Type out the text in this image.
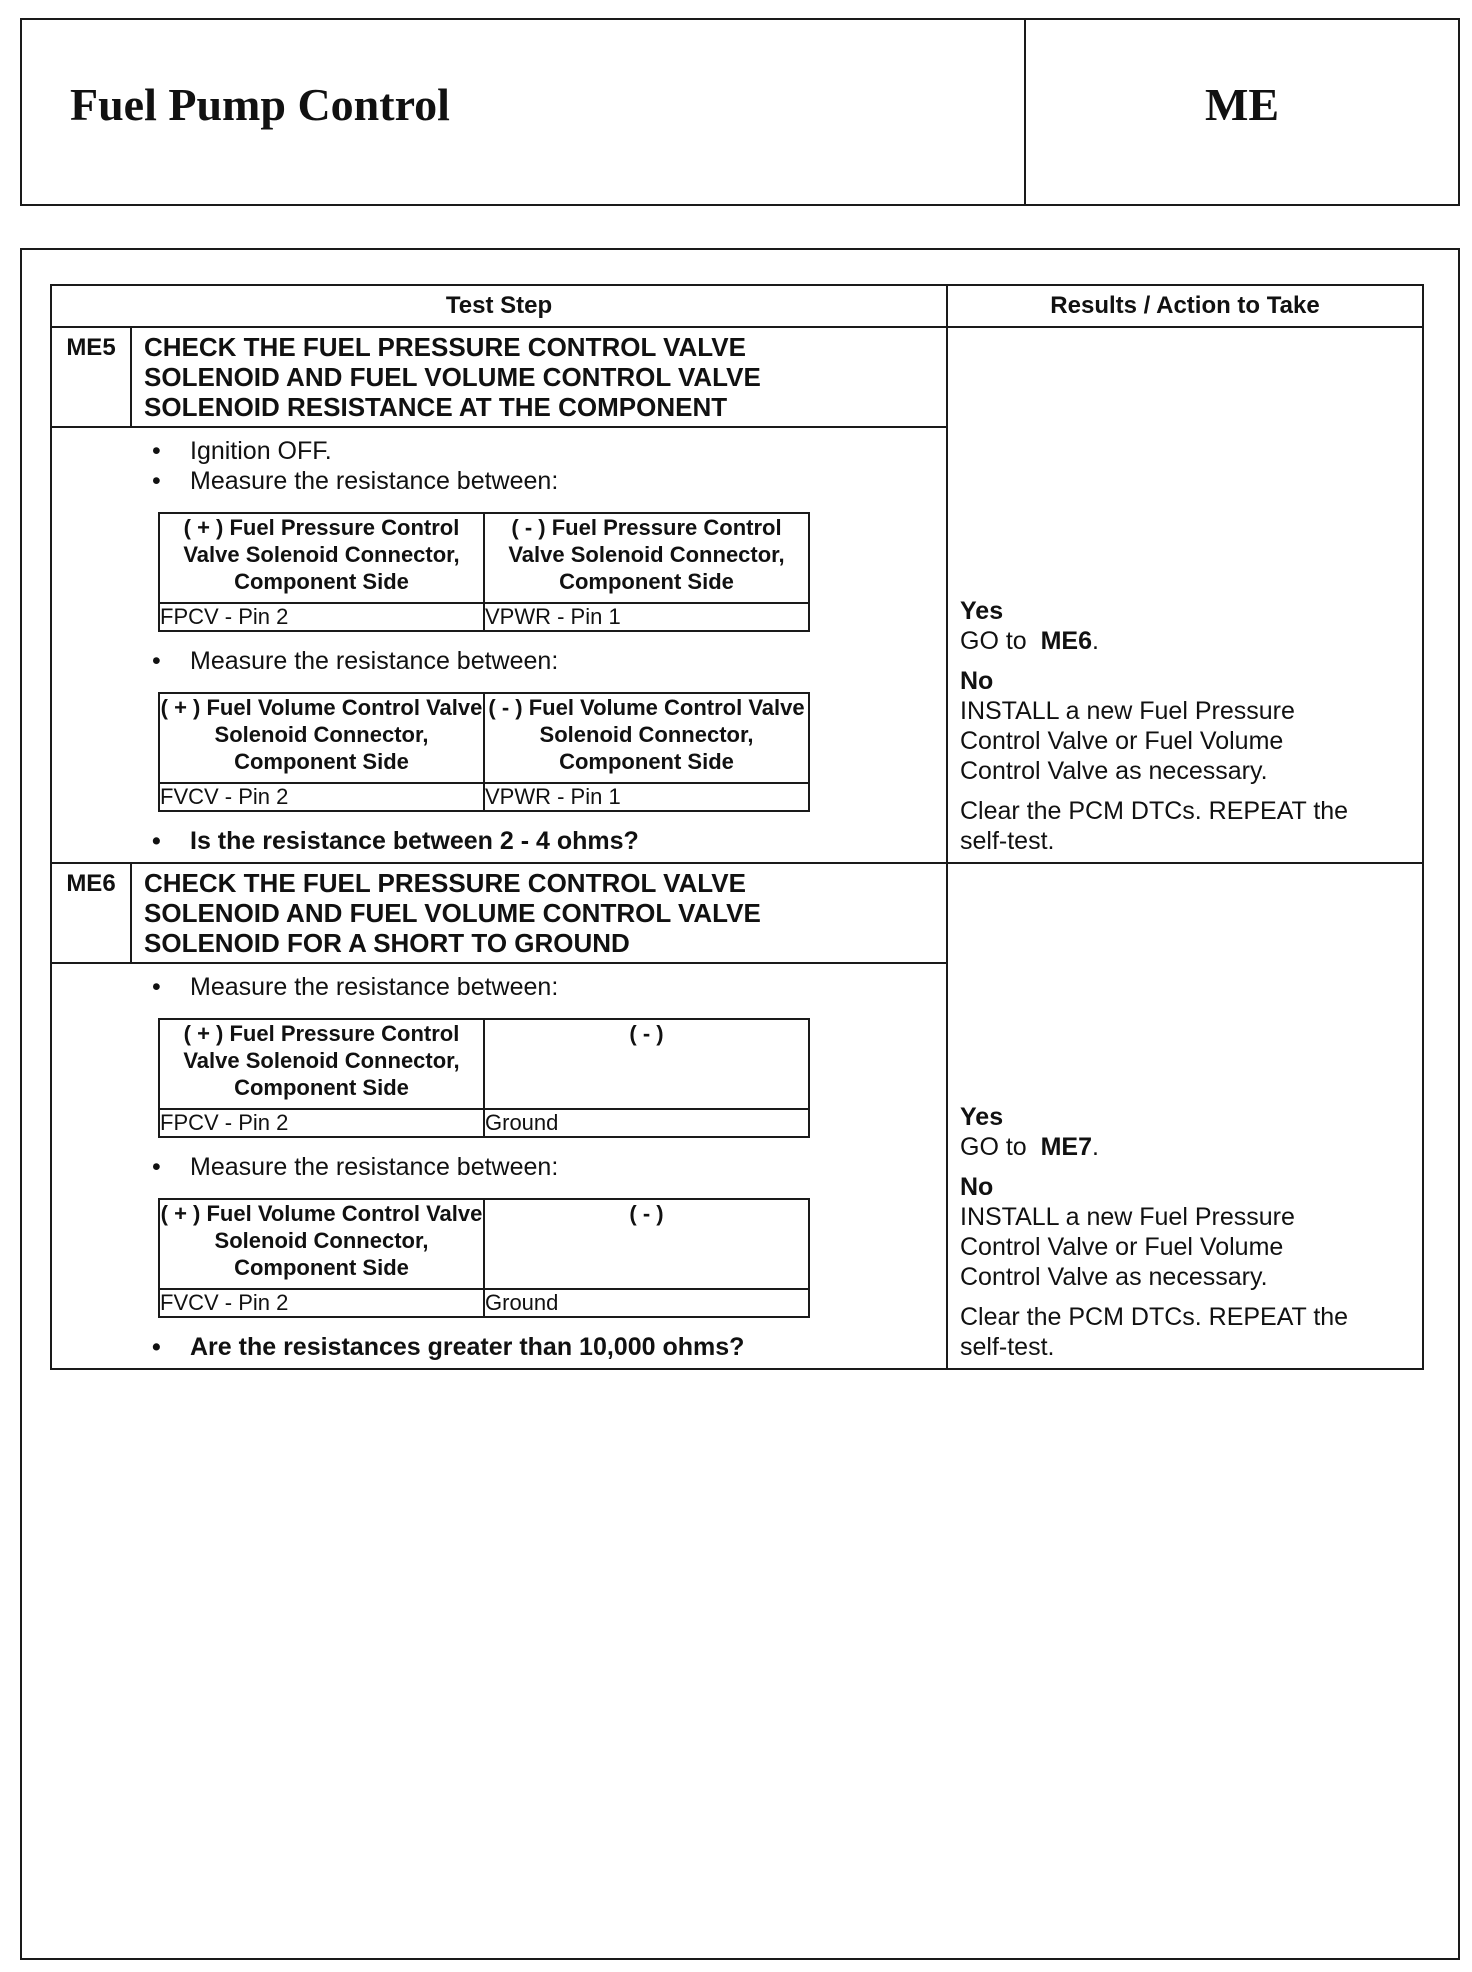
Fuel Pump Control	ME
Test Step	Results / Action to Take
ME5	CHECK THE FUEL PRESSURE CONTROL VALVE
SOLENOID AND FUEL VOLUME CONTROL VALVE
SOLENOID RESISTANCE AT THE COMPONENT

Yes
GO to ME6.
No
INSTALL a new Fuel Pressure
Control Valve or Fuel Volume
Control Valve as necessary.
Clear the PCM DTCs. REPEAT the
self-test.

• Ignition OFF.
• Measure the resistance between:
( + ) Fuel Pressure Control Valve Solenoid Connector, Component Side	( - ) Fuel Pressure Control Valve Solenoid Connector, Component Side
FPCV - Pin 2	VPWR - Pin 1
• Measure the resistance between:
( + ) Fuel Volume Control Valve Solenoid Connector, Component Side	( - ) Fuel Volume Control Valve Solenoid Connector, Component Side
FVCV - Pin 2	VPWR - Pin 1
• Is the resistance between 2 - 4 ohms?

ME6	CHECK THE FUEL PRESSURE CONTROL VALVE
SOLENOID AND FUEL VOLUME CONTROL VALVE
SOLENOID FOR A SHORT TO GROUND

Yes
GO to ME7.
No
INSTALL a new Fuel Pressure
Control Valve or Fuel Volume
Control Valve as necessary.
Clear the PCM DTCs. REPEAT the
self-test.

• Measure the resistance between:
( + ) Fuel Pressure Control Valve Solenoid Connector, Component Side	( - )
FPCV - Pin 2	Ground
• Measure the resistance between:
( + ) Fuel Volume Control Valve Solenoid Connector, Component Side	( - )
FVCV - Pin 2	Ground
• Are the resistances greater than 10,000 ohms?
